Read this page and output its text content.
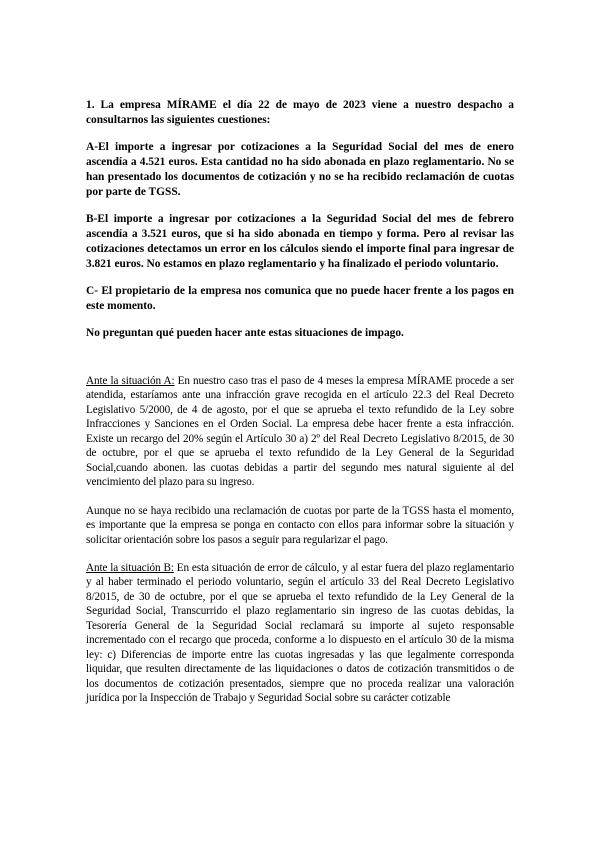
1. La empresa MÍRAME el día 22 de mayo de 2023 viene a nuestro despacho a consultarnos las siguientes cuestiones:

A-El importe a ingresar por cotizaciones a la Seguridad Social del mes de enero ascendía a 4.521 euros. Esta cantidad no ha sido abonada en plazo reglamentario. No se han presentado los documentos de cotización y no se ha recibido reclamación de cuotas por parte de TGSS.

B-El importe a ingresar por cotizaciones a la Seguridad Social del mes de febrero ascendía a 3.521 euros, que si ha sido abonada en tiempo y forma. Pero al revisar las cotizaciones detectamos un error en los cálculos siendo el importe final para ingresar de 3.821 euros. No estamos en plazo reglamentario y ha finalizado el periodo voluntario.

C- El propietario de la empresa nos comunica que no puede hacer frente a los pagos en este momento.

No preguntan qué pueden hacer ante estas situaciones de impago.

Ante la situación A: En nuestro caso tras el paso de 4 meses la empresa MÍRAME procede a ser atendida, estaríamos ante una infracción grave recogida en el artículo 22.3 del Real Decreto Legislativo 5/2000, de 4 de agosto, por el que se aprueba el texto refundido de la Ley sobre Infracciones y Sanciones en el Orden Social. La empresa debe hacer frente a esta infracción. Existe un recargo del 20% según el Artículo 30 a) 2º del Real Decreto Legislativo 8/2015, de 30 de octubre, por el que se aprueba el texto refundido de la Ley General de la Seguridad Social,cuando abonen. las cuotas debidas a partir del segundo mes natural siguiente al del vencimiento del plazo para su ingreso.

Aunque no se haya recibido una reclamación de cuotas por parte de la TGSS hasta el momento, es importante que la empresa se ponga en contacto con ellos para informar sobre la situación y solicitar orientación sobre los pasos a seguir para regularizar el pago.

Ante la situación B: En esta situación de error de cálculo, y al estar fuera del plazo reglamentario y al haber terminado el periodo voluntario, según el artículo 33 del Real Decreto Legislativo 8/2015, de 30 de octubre, por el que se aprueba el texto refundido de la Ley General de la Seguridad Social, Transcurrido el plazo reglamentario sin ingreso de las cuotas debidas, la Tesorería General de la Seguridad Social reclamará su importe al sujeto responsable incrementado con el recargo que proceda, conforme a lo dispuesto en el artículo 30 de la misma ley: c) Diferencias de importe entre las cuotas ingresadas y las que legalmente corresponda liquidar, que resulten directamente de las liquidaciones o datos de cotización transmitidos o de los documentos de cotización presentados, siempre que no proceda realizar una valoración jurídica por la Inspección de Trabajo y Seguridad Social sobre su carácter cotizable
